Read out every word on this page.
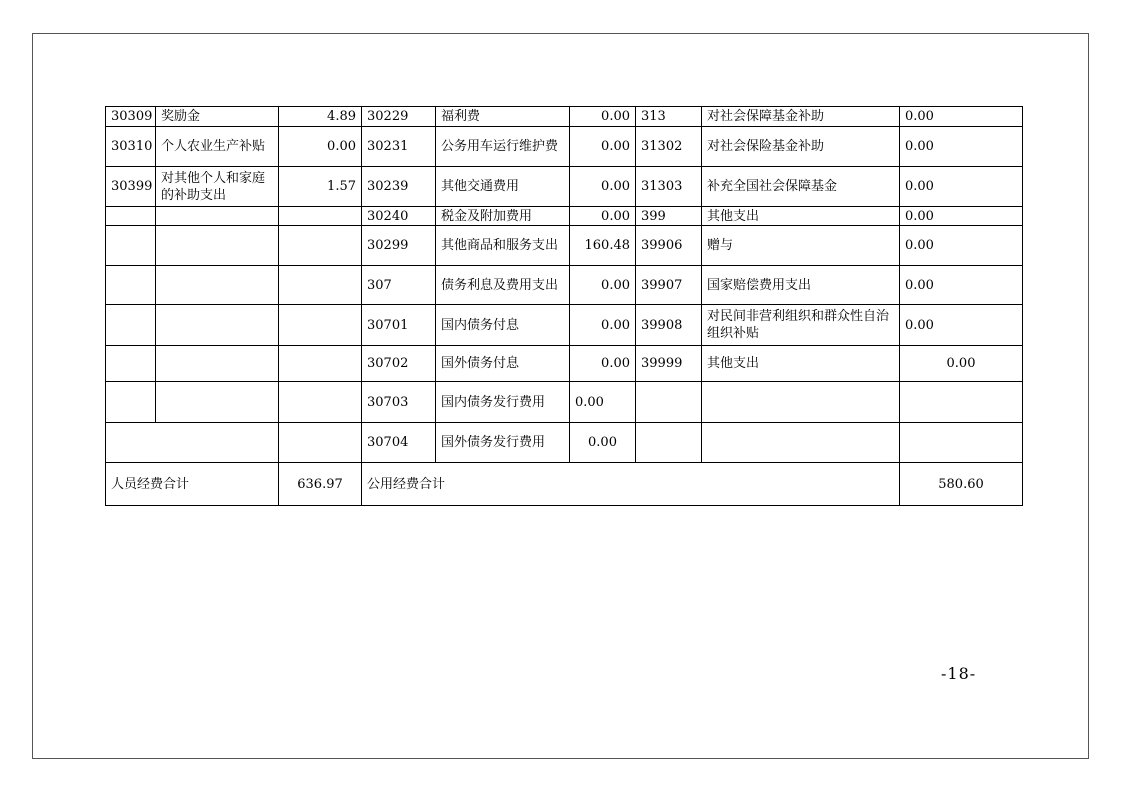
30309	奖励金	4.89	30229	福利费	0.00	313	对社会保障基金补助	0.00
30310	个人农业生产补贴	0.00	30231	公务用车运行维护费	0.00	31302	对社会保险基金补助	0.00
30399	对其他个人和家庭的补助支出	1.57	30239	其他交通费用	0.00	31303	补充全国社会保障基金	0.00
			30240	税金及附加费用	0.00	399	其他支出	0.00
			30299	其他商品和服务支出	160.48	39906	赠与	0.00
			307	债务利息及费用支出	0.00	39907	国家赔偿费用支出	0.00
			30701	国内债务付息	0.00	39908	对民间非营利组织和群众性自治组织补贴	0.00
			30702	国外债务付息	0.00	39999	其他支出	0.00
			30703	国内债务发行费用	0.00			
			30704	国外债务发行费用	0.00			
人员经费合计		636.97	公用经费合计					580.60
-18-
